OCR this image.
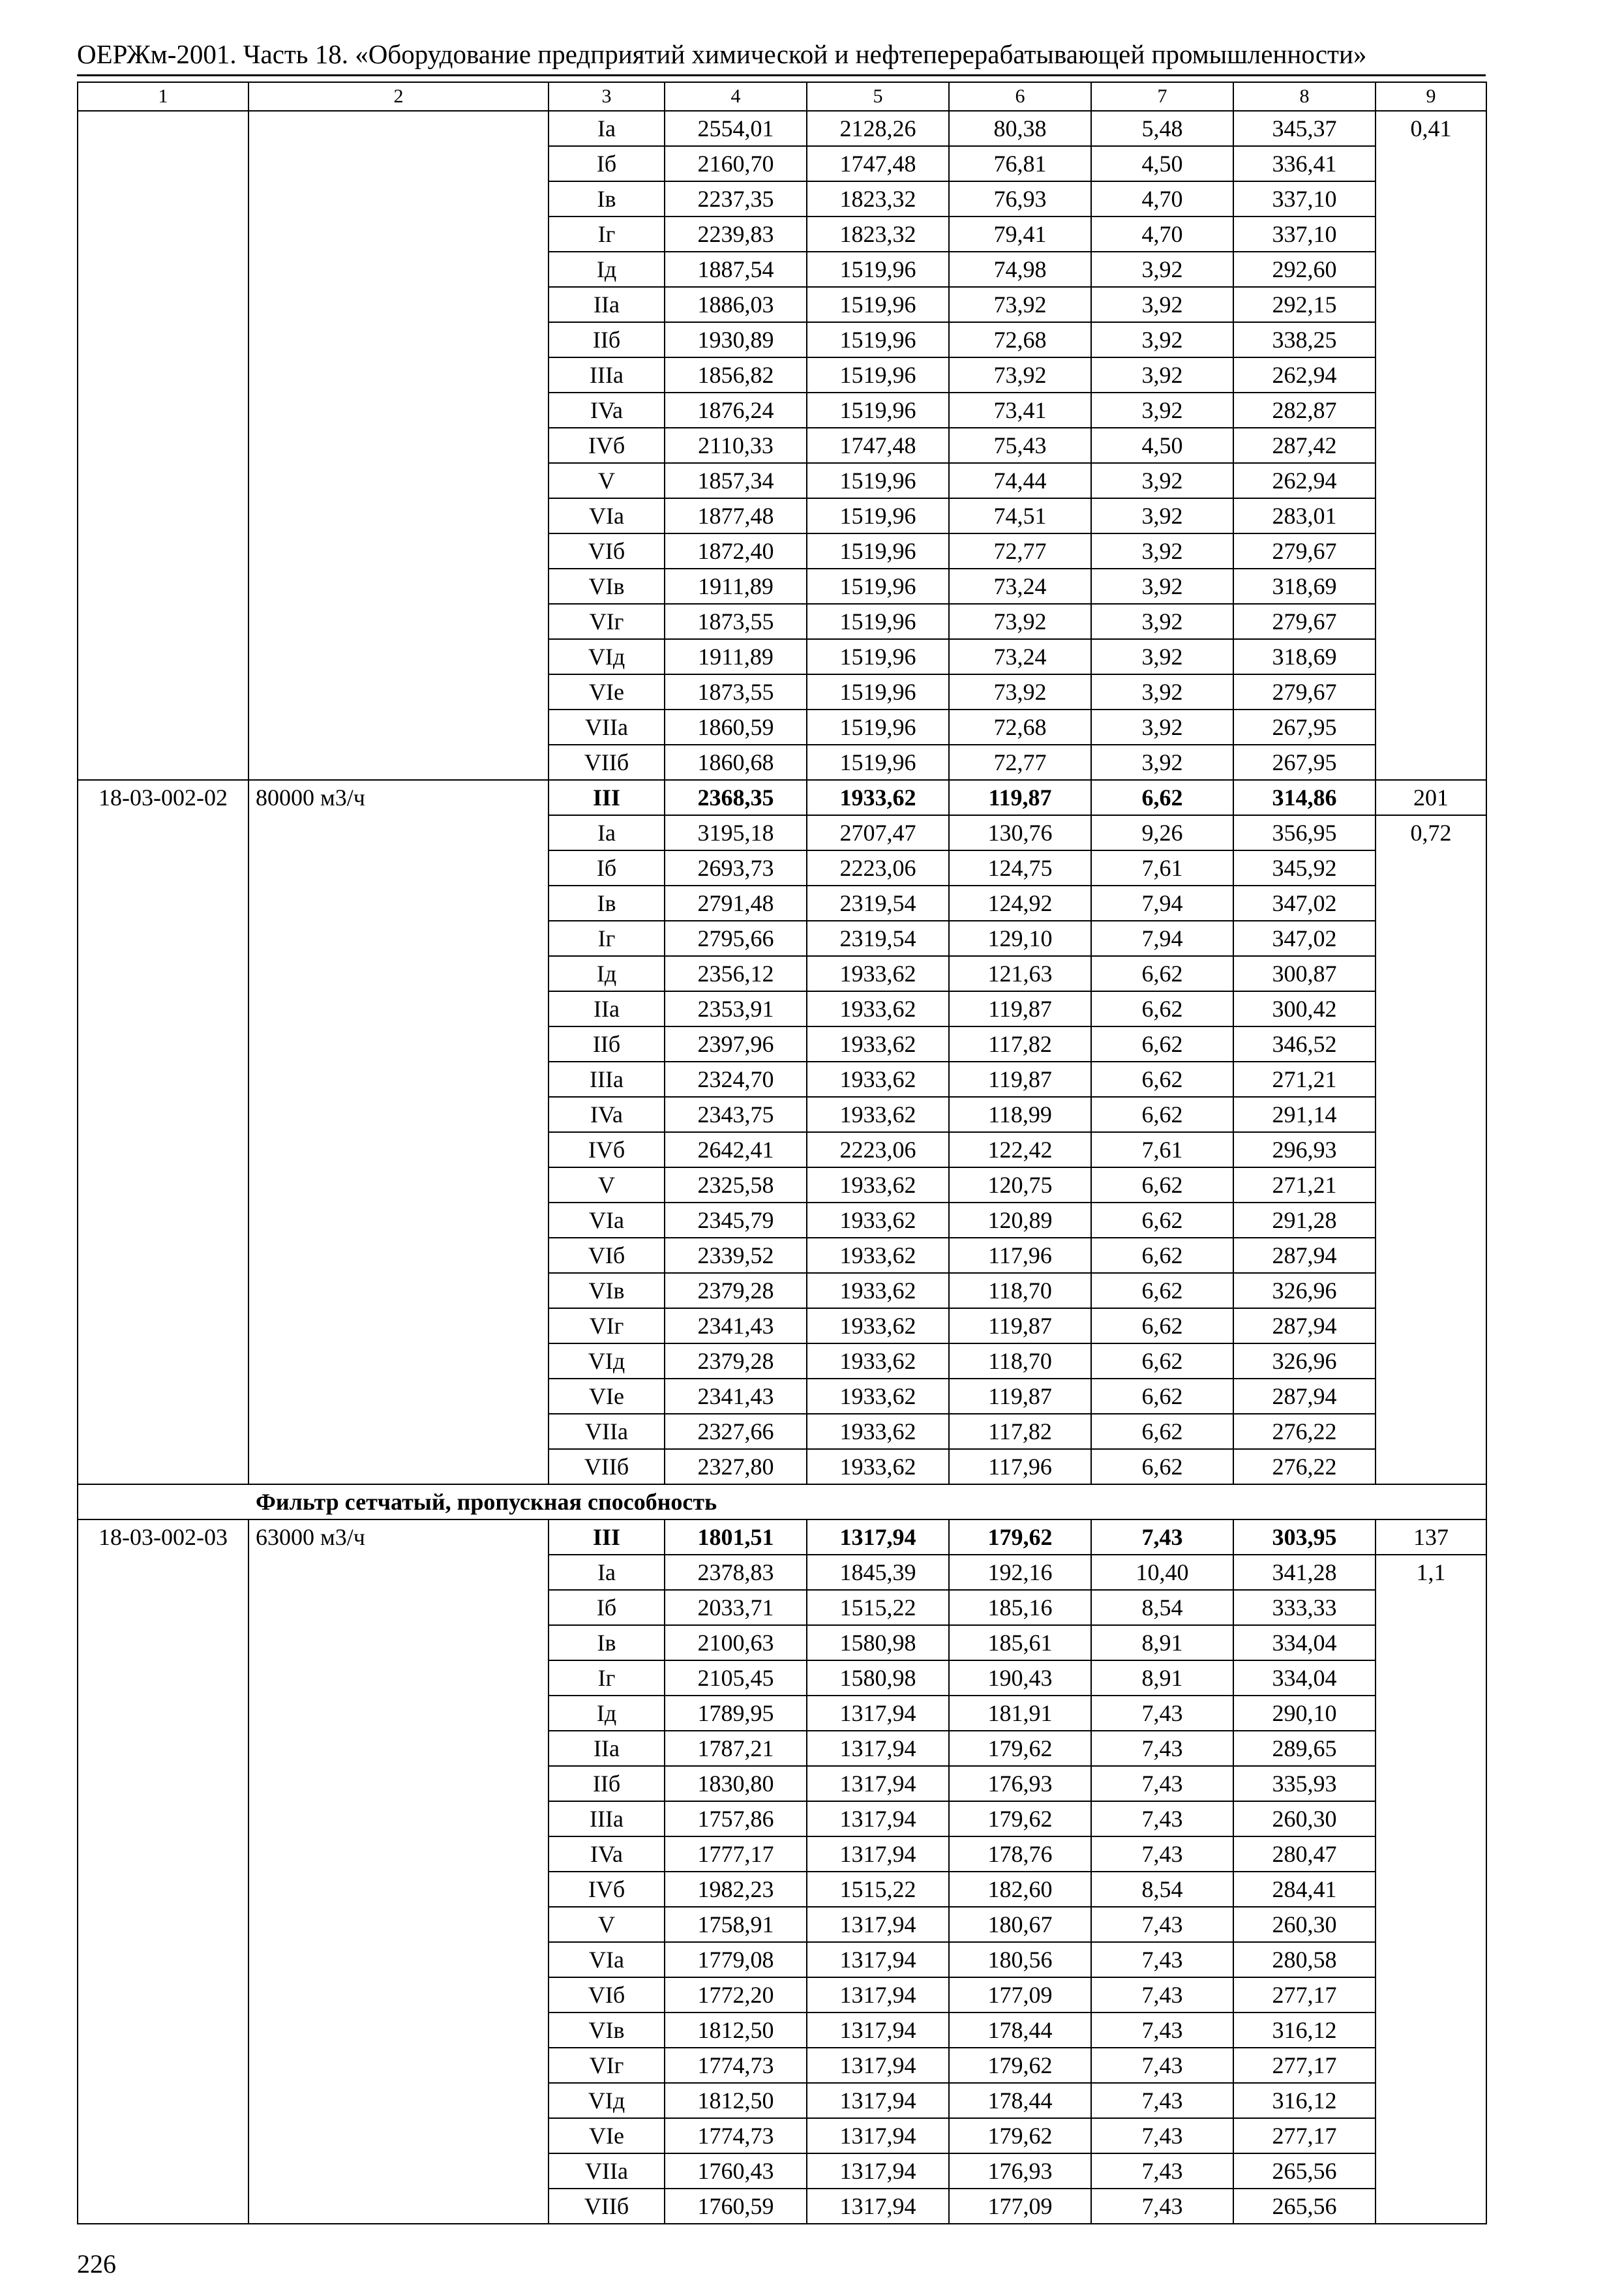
ОЕРЖм-2001. Часть 18. «Оборудование предприятий химической и нефтеперерабатывающей промышленности»
1	2	3	4	5	6	7	8	9
		Ia	2554,01	2128,26	80,38	5,48	345,37	0,41
		Iб	2160,70	1747,48	76,81	4,50	336,41	
		Iв	2237,35	1823,32	76,93	4,70	337,10	
		Iг	2239,83	1823,32	79,41	4,70	337,10	
		Iд	1887,54	1519,96	74,98	3,92	292,60	
		IIa	1886,03	1519,96	73,92	3,92	292,15	
		IIб	1930,89	1519,96	72,68	3,92	338,25	
		IIIa	1856,82	1519,96	73,92	3,92	262,94	
		IVa	1876,24	1519,96	73,41	3,92	282,87	
		IVб	2110,33	1747,48	75,43	4,50	287,42	
		V	1857,34	1519,96	74,44	3,92	262,94	
		VIa	1877,48	1519,96	74,51	3,92	283,01	
		VIб	1872,40	1519,96	72,77	3,92	279,67	
		VIв	1911,89	1519,96	73,24	3,92	318,69	
		VIг	1873,55	1519,96	73,92	3,92	279,67	
		VIд	1911,89	1519,96	73,24	3,92	318,69	
		VIe	1873,55	1519,96	73,92	3,92	279,67	
		VIIa	1860,59	1519,96	72,68	3,92	267,95	
		VIIб	1860,68	1519,96	72,77	3,92	267,95	
18-03-002-02	80000 м3/ч	III	2368,35	1933,62	119,87	6,62	314,86	201
		Ia	3195,18	2707,47	130,76	9,26	356,95	0,72
		Iб	2693,73	2223,06	124,75	7,61	345,92	
		Iв	2791,48	2319,54	124,92	7,94	347,02	
		Iг	2795,66	2319,54	129,10	7,94	347,02	
		Iд	2356,12	1933,62	121,63	6,62	300,87	
		IIa	2353,91	1933,62	119,87	6,62	300,42	
		IIб	2397,96	1933,62	117,82	6,62	346,52	
		IIIa	2324,70	1933,62	119,87	6,62	271,21	
		IVa	2343,75	1933,62	118,99	6,62	291,14	
		IVб	2642,41	2223,06	122,42	7,61	296,93	
		V	2325,58	1933,62	120,75	6,62	271,21	
		VIa	2345,79	1933,62	120,89	6,62	291,28	
		VIб	2339,52	1933,62	117,96	6,62	287,94	
		VIв	2379,28	1933,62	118,70	6,62	326,96	
		VIг	2341,43	1933,62	119,87	6,62	287,94	
		VIд	2379,28	1933,62	118,70	6,62	326,96	
		VIe	2341,43	1933,62	119,87	6,62	287,94	
		VIIa	2327,66	1933,62	117,82	6,62	276,22	
		VIIб	2327,80	1933,62	117,96	6,62	276,22	
Фильтр сетчатый, пропускная способность								
18-03-002-03	63000 м3/ч	III	1801,51	1317,94	179,62	7,43	303,95	137
		Ia	2378,83	1845,39	192,16	10,40	341,28	1,1
		Iб	2033,71	1515,22	185,16	8,54	333,33	
		Iв	2100,63	1580,98	185,61	8,91	334,04	
		Iг	2105,45	1580,98	190,43	8,91	334,04	
		Iд	1789,95	1317,94	181,91	7,43	290,10	
		IIa	1787,21	1317,94	179,62	7,43	289,65	
		IIб	1830,80	1317,94	176,93	7,43	335,93	
		IIIa	1757,86	1317,94	179,62	7,43	260,30	
		IVa	1777,17	1317,94	178,76	7,43	280,47	
		IVб	1982,23	1515,22	182,60	8,54	284,41	
		V	1758,91	1317,94	180,67	7,43	260,30	
		VIa	1779,08	1317,94	180,56	7,43	280,58	
		VIб	1772,20	1317,94	177,09	7,43	277,17	
		VIв	1812,50	1317,94	178,44	7,43	316,12	
		VIг	1774,73	1317,94	179,62	7,43	277,17	
		VIд	1812,50	1317,94	178,44	7,43	316,12	
		VIe	1774,73	1317,94	179,62	7,43	277,17	
		VIIa	1760,43	1317,94	176,93	7,43	265,56	
		VIIб	1760,59	1317,94	177,09	7,43	265,56	
226
